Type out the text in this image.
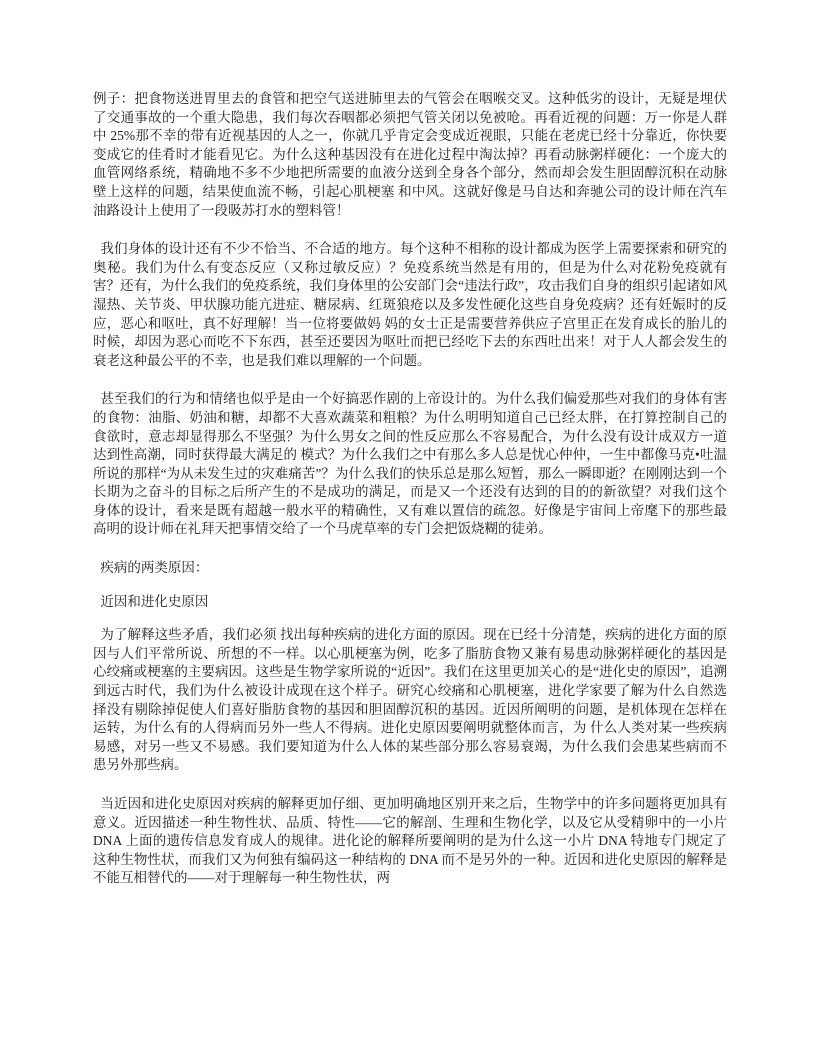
例子：把食物送进胃里去的食管和把空气送进肺里去的气管会在咽喉交叉。这种低劣的设计，无疑是埋伏了交通事故的一个重大隐患，我们每次吞咽都必须把气管关闭以免被呛。再看近视的问题：万一你是人群中 25%那不幸的带有近视基因的人之一，你就几乎肯定会变成近视眼，只能在老虎已经十分靠近，你快要变成它的佳肴时才能看见它。为什么这种基因没有在进化过程中淘汰掉？再看动脉粥样硬化：一个庞大的血管网络系统，精确地不多不少地把所需要的血液分送到全身各个部分，然而却会发生胆固醇沉积在动脉壁上这样的问题，结果使血流不畅，引起心肌梗塞 和中风。这就好像是马自达和奔驰公司的设计师在汽车油路设计上使用了一段吸苏打水的塑料管！

我们身体的设计还有不少不恰当、不合适的地方。每个这种不相称的设计都成为医学上需要探索和研究的奥秘。我们为什么有变态反应（又称过敏反应）？免疫系统当然是有用的，但是为什么对花粉免疫就有害？还有，为什么我们的免疫系统，我们身体里的公安部门会“违法行政”，攻击我们自身的组织引起诸如风湿热、关节炎、甲状腺功能亢进症、糖尿病、红斑狼疮以及多发性硬化这些自身免疫病？还有妊娠时的反应，恶心和呕吐，真不好理解！当一位将要做妈 妈的女士正是需要营养供应子宫里正在发育成长的胎儿的时候，却因为恶心而吃不下东西，甚至还要因为呕吐而把已经吃下去的东西吐出来！对于人人都会发生的衰老这种最公平的不幸，也是我们难以理解的一个问题。

甚至我们的行为和情绪也似乎是由一个好搞恶作剧的上帝设计的。为什么我们偏爱那些对我们的身体有害的食物：油脂、奶油和糖，却都不大喜欢蔬菜和粗粮？为什么明明知道自己已经太胖，在打算控制自己的食欲时，意志却显得那么不坚强？为什么男女之间的性反应那么不容易配合，为什么没有设计成双方一道达到性高潮，同时获得最大满足的 模式？为什么我们之中有那么多人总是忧心仲仲，一生中都像马克•吐温所说的那样“为从未发生过的灾难痛苦”？为什么我们的快乐总是那么短暂，那么一瞬即逝？在刚刚达到一个长期为之奋斗的目标之后所产生的不是成功的满足，而是又一个还没有达到的目的的新欲望？对我们这个身体的设计，看来是既有超越一般水平的精确性，又有难以置信的疏忽。好像是宇宙间上帝麾下的那些最高明的设计师在礼拜天把事情交给了一个马虎草率的专门会把饭烧糊的徒弟。

疾病的两类原因：

近因和进化史原因

为了解释这些矛盾，我们必须 找出每种疾病的进化方面的原因。现在已经十分清楚，疾病的进化方面的原因与人们平常所说、所想的不一样。以心肌梗塞为例，吃多了脂肪食物又兼有易患动脉粥样硬化的基因是心绞痛或梗塞的主要病因。这些是生物学家所说的“近因”。我们在这里更加关心的是“进化史的原因”，追溯到远古时代，我们为什么被设计成现在这个样子。研究心绞痛和心肌梗塞，进化学家要了解为什么自然选择没有剔除掉促使人们喜好脂肪食物的基因和胆固醇沉积的基因。近因所阐明的问题，是机体现在怎样在运转，为什么有的人得病而另外一些人不得病。进化史原因要阐明就整体而言，为 什么人类对某一些疾病易感，对另一些又不易感。我们要知道为什么人体的某些部分那么容易衰竭，为什么我们会患某些病而不患另外那些病。

当近因和进化史原因对疾病的解释更加仔细、更加明确地区别开来之后，生物学中的许多问题将更加具有意义。近因描述一种生物性状、品质、特性——它的解剖、生理和生物化学，以及它从受精卵中的一小片 DNA 上面的遗传信息发育成人的规律。进化论的解释所要阐明的是为什么这一小片 DNA 特地专门规定了这种生物性状，而我们又为何独有编码这一种结构的 DNA 而不是另外的一种。近因和进化史原因的解释是 不能互相替代的——对于理解每一种生物性状，两
